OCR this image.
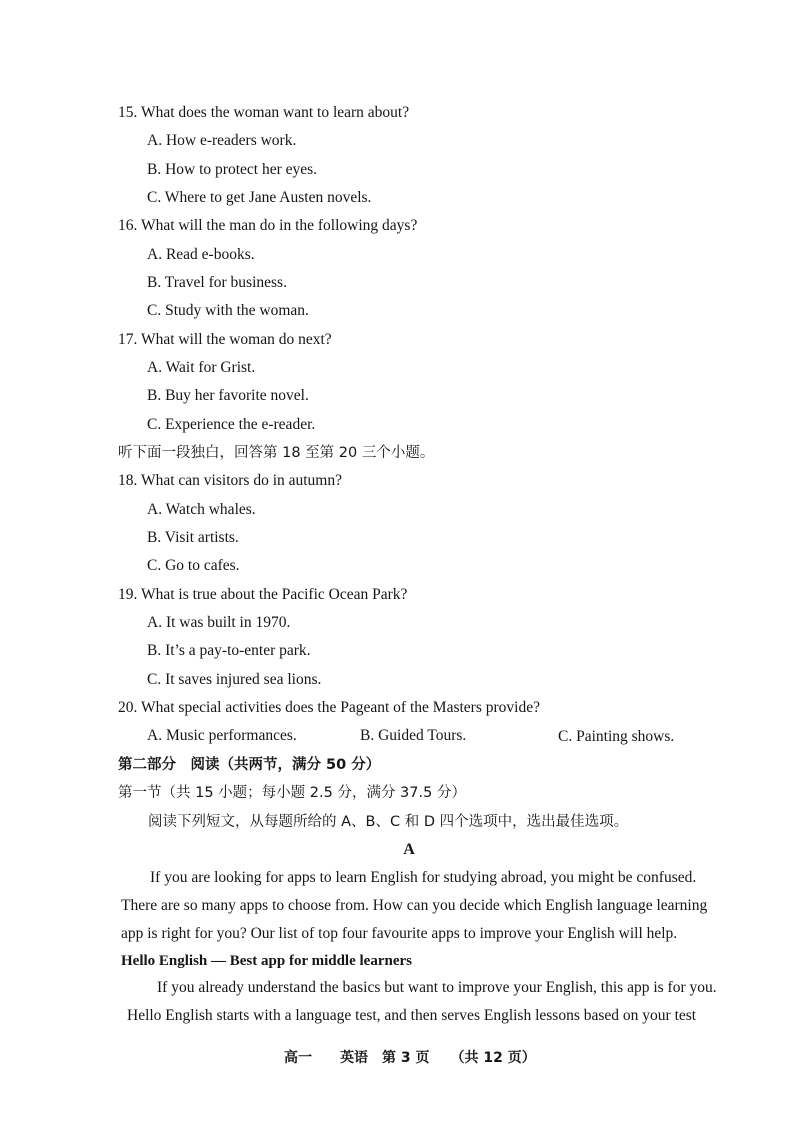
15. What does the woman want to learn about?
A. How e-readers work.
B. How to protect her eyes.
C. Where to get Jane Austen novels.
16. What will the man do in the following days?
A. Read e-books.
B. Travel for business.
C. Study with the woman.
17. What will the woman do next?
A. Wait for Grist.
B. Buy her favorite novel.
C. Experience the e-reader.
听下面一段独白，回答第 18 至第 20 三个小题。
18. What can visitors do in autumn?
A. Watch whales.
B. Visit artists.
C. Go to cafes.
19. What is true about the Pacific Ocean Park?
A. It was built in 1970.
B. It’s a pay-to-enter park.
C. It saves injured sea lions.
20. What special activities does the Pageant of the Masters provide?
A. Music performances.	B. Guided Tours.	C. Painting shows.
第二部分　阅读（共两节，满分 50 分）
第一节（共 15 小题；每小题 2.5 分，满分 37.5 分）
阅读下列短文，从每题所给的 A、B、C 和 D 四个选项中，选出最佳选项。
A
If you are looking for apps to learn English for studying abroad, you might be confused.
There are so many apps to choose from. How can you decide which English language learning
app is right for you? Our list of top four favourite apps to improve your English will help.
Hello English — Best app for middle learners
If you already understand the basics but want to improve your English, this app is for you.
Hello English starts with a language test, and then serves English lessons based on your test
高一　　英语　第 3 页　　（共 12 页）
